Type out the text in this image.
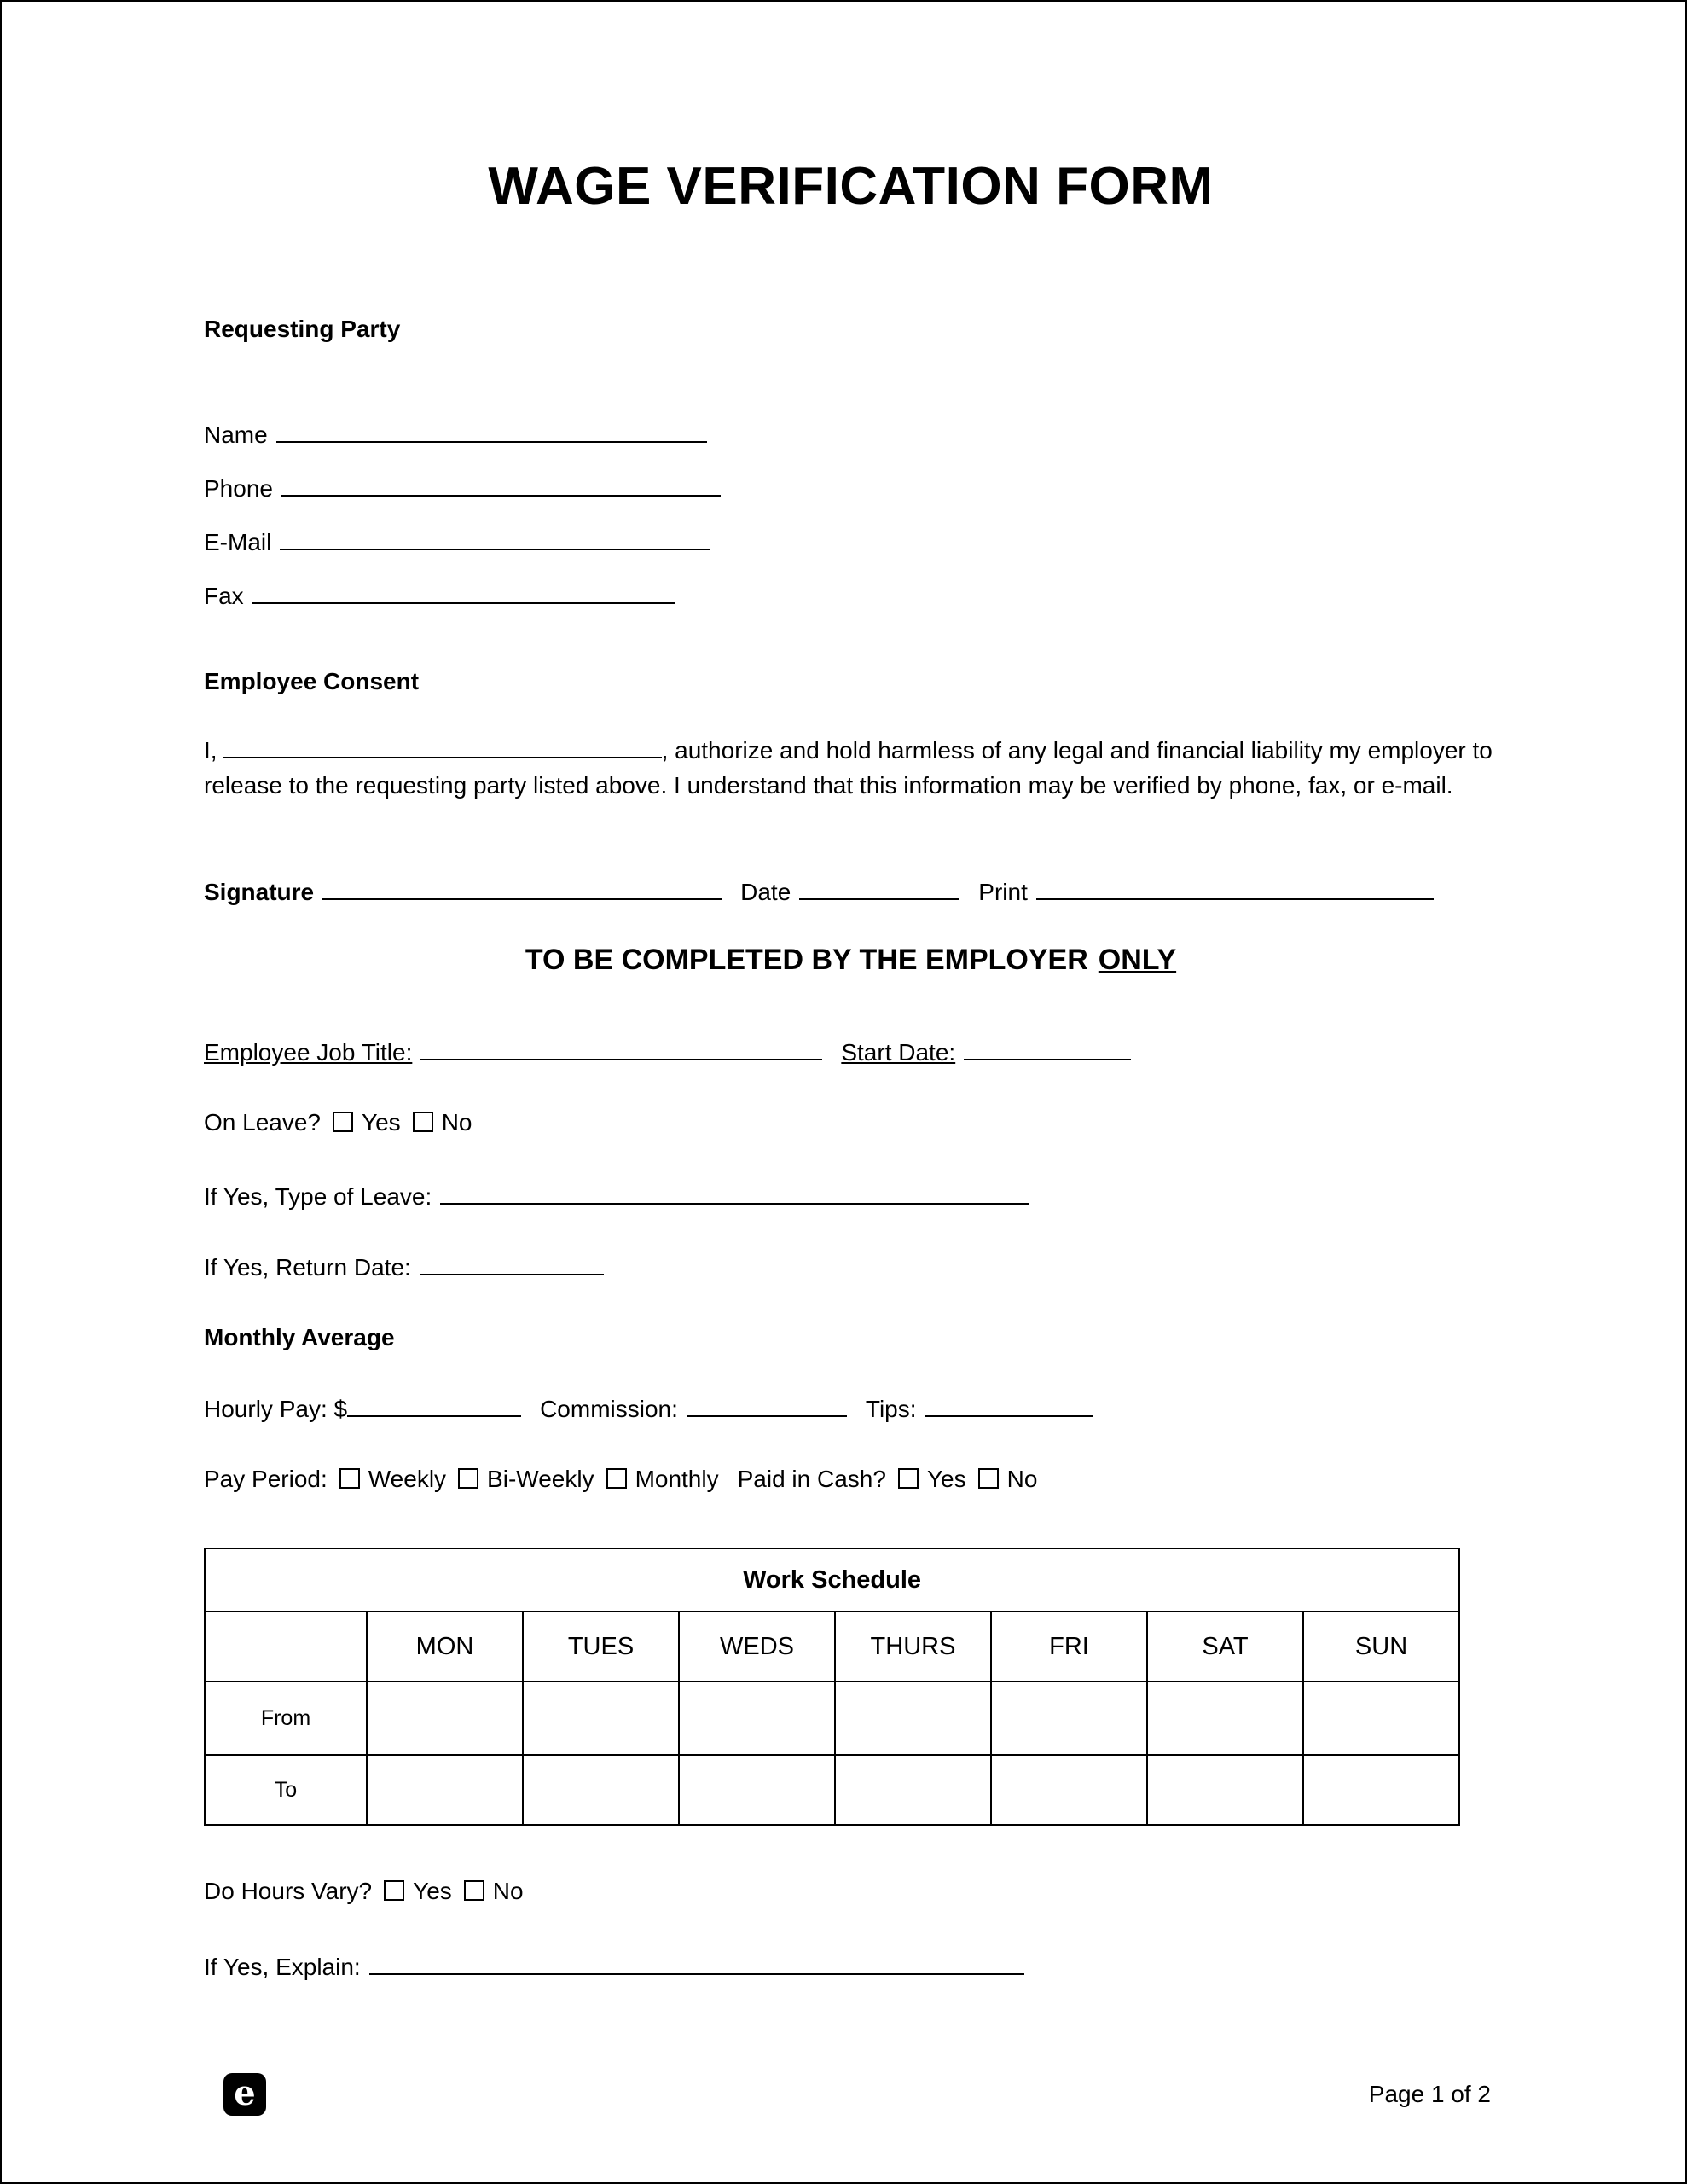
WAGE VERIFICATION FORM
Requesting Party
Name
Phone
E-Mail
Fax
Employee Consent
I,	, authorize and hold harmless of any legal and financial liability my employer to release to the requesting party listed above. I understand that this information may be verified by phone, fax, or e-mail.
Signature	Date	Print
TO BE COMPLETED BY THE EMPLOYER ONLY
Employee Job Title:	Start Date:
On Leave? Yes No
If Yes, Type of Leave:
If Yes, Return Date:
Monthly Average
Hourly Pay: $	Commission:	Tips:
Pay Period: Weekly Bi-Weekly Monthly Paid in Cash? Yes No
Work Schedule							
	MON	TUES	WEDS	THURS	FRI	SAT	SUN
From							
To							
Do Hours Vary? Yes No
If Yes, Explain:
e	Page 1 of 2
